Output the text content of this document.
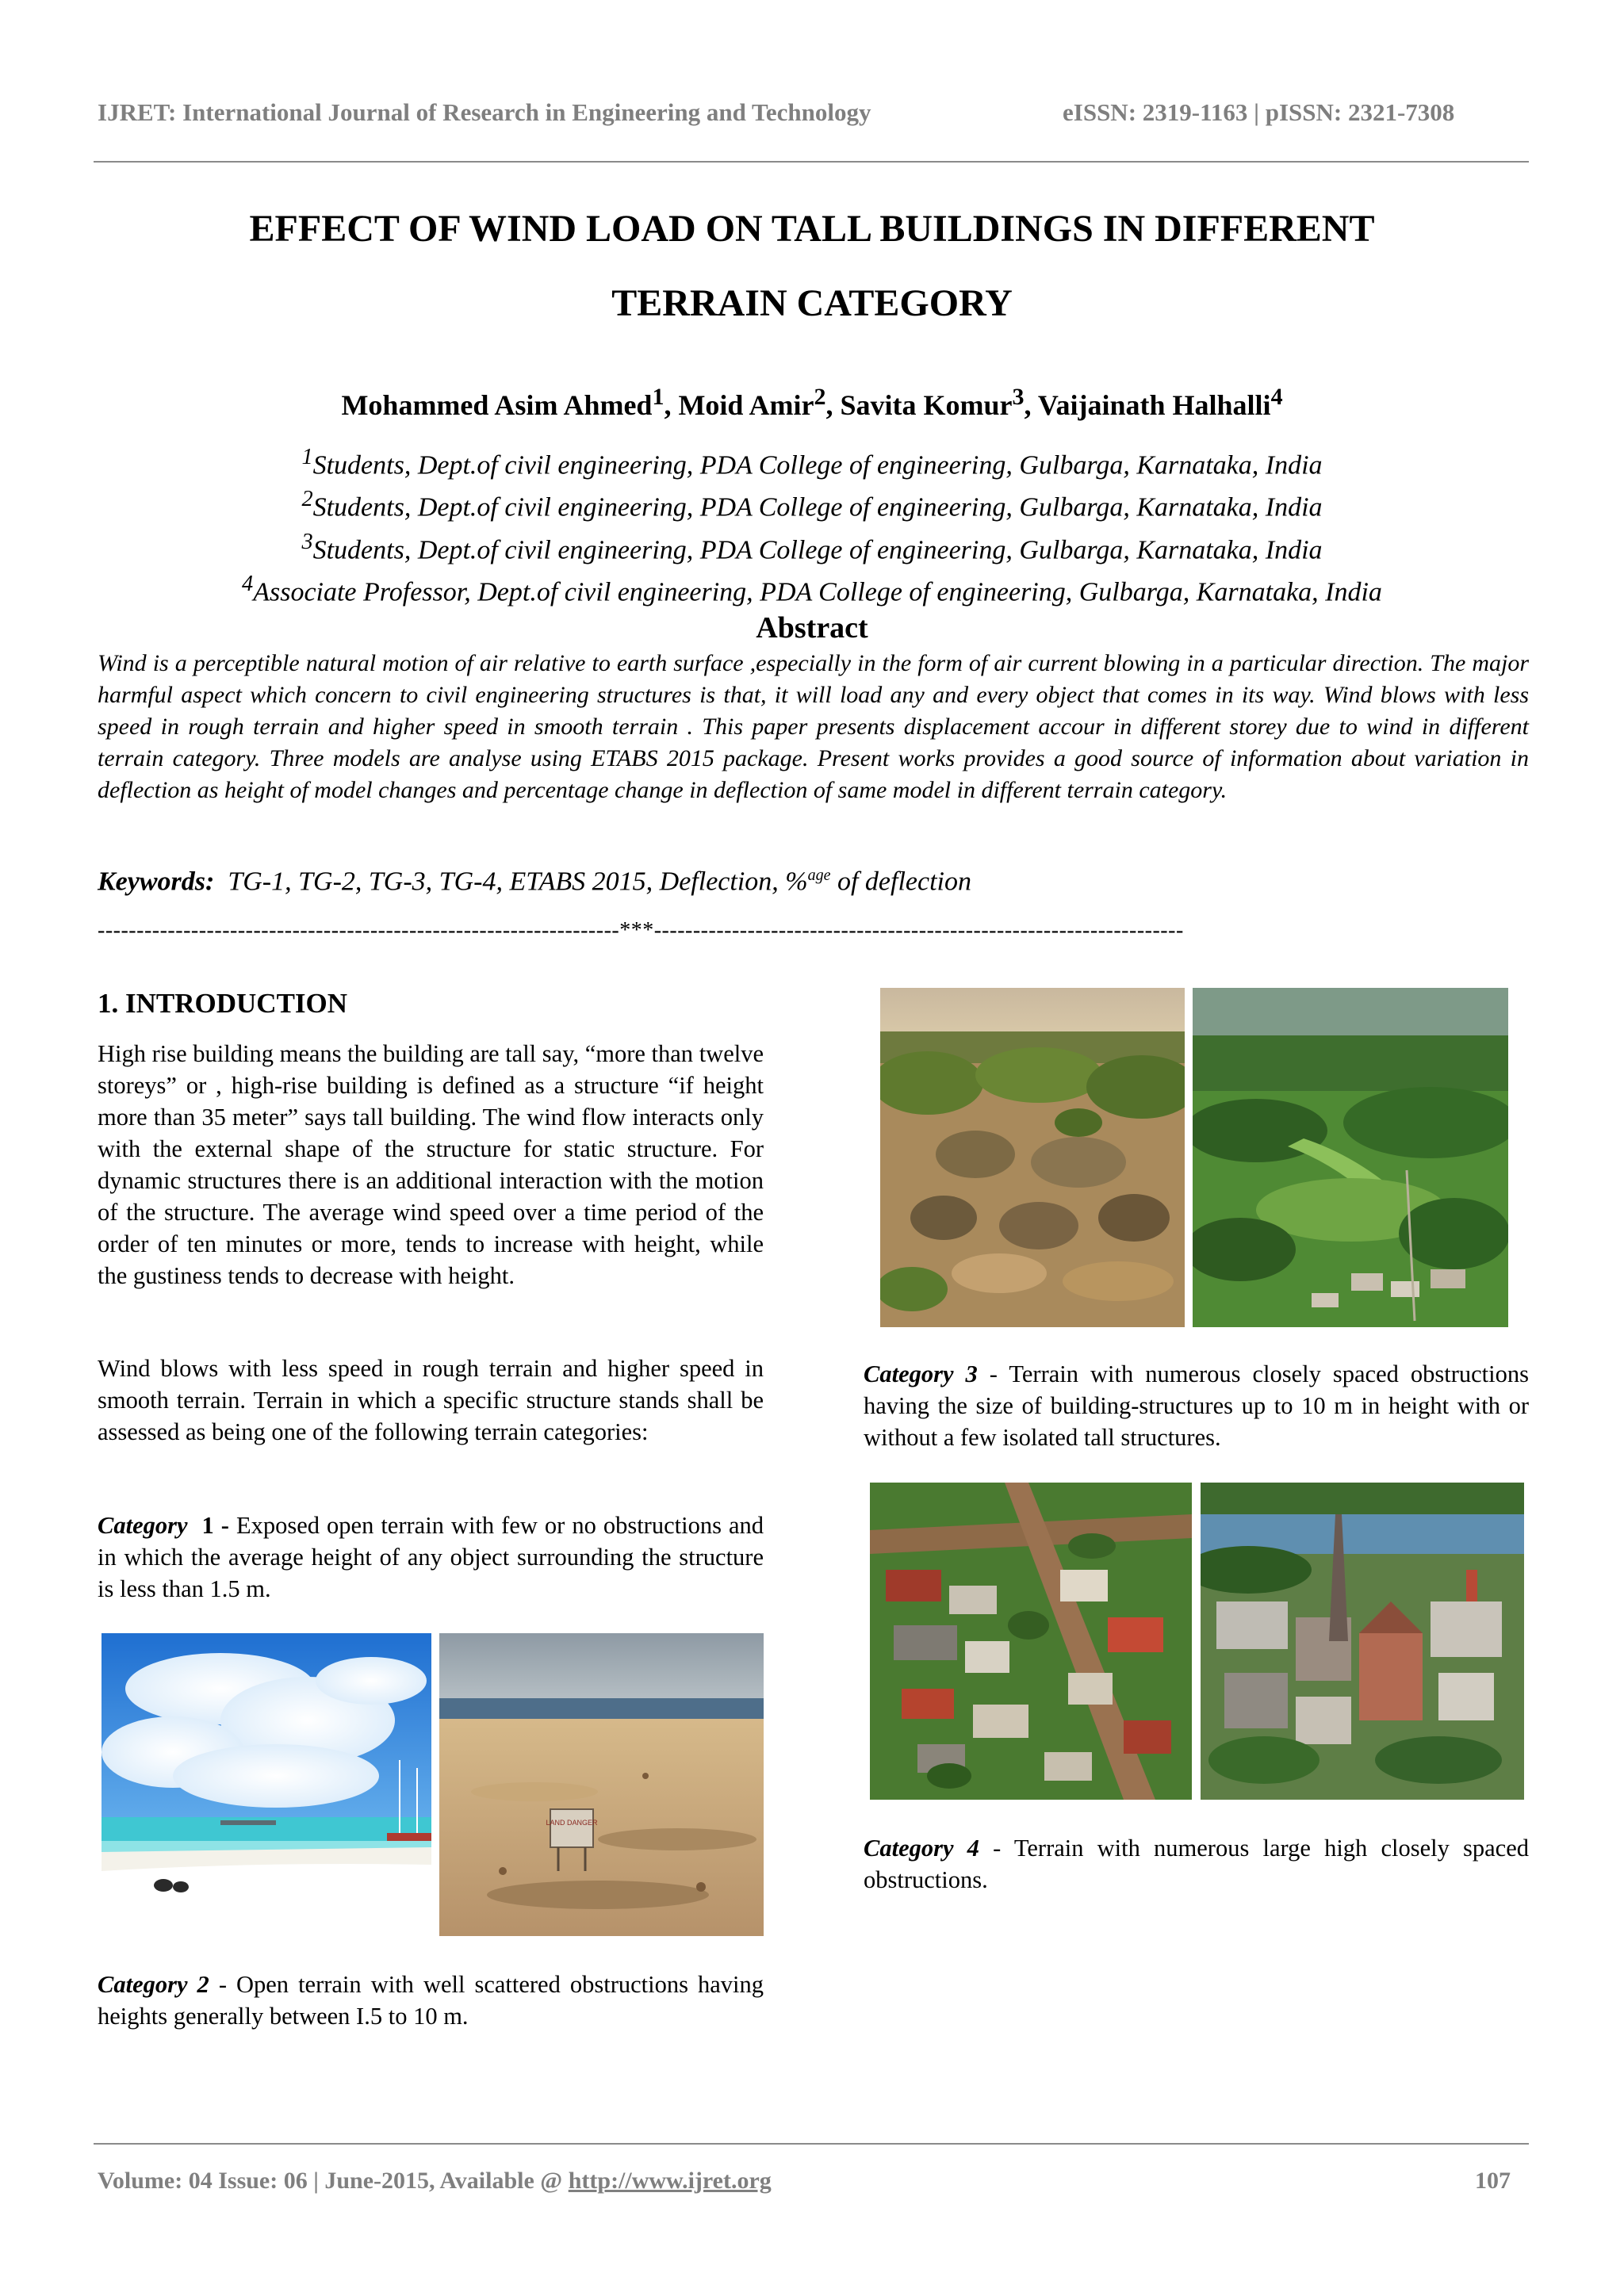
IJRET: International Journal of Research in Engineering and Technology	eISSN: 2319-1163 | pISSN: 2321-7308
EFFECT OF WIND LOAD ON TALL BUILDINGS IN DIFFERENT
TERRAIN CATEGORY
Mohammed Asim Ahmed$^1$, Moid Amir$^2$, Savita Komur$^3$, Vaijainath Halhalli$^4$
$^1$Students, Dept.of civil engineering, PDA College of engineering, Gulbarga, Karnataka, India
$^2$Students, Dept.of civil engineering, PDA College of engineering, Gulbarga, Karnataka, India
$^3$Students, Dept.of civil engineering, PDA College of engineering, Gulbarga, Karnataka, India
$^4$Associate Professor, Dept.of civil engineering, PDA College of engineering, Gulbarga, Karnataka, India
Abstract
Wind is a perceptible natural motion of air relative to earth surface ,especially in the form of air current blowing in a particular direction. The major harmful aspect which concern to civil engineering structures is that, it will load any and every object that comes in its way. Wind blows with less speed in rough terrain and higher speed in smooth terrain . This paper presents displacement accour in different storey due to wind in different terrain category. Three models are analyse using ETABS 2015 package. Present works provides a good source of information about variation in deflection as height of model changes and percentage change in deflection of same model in different terrain category.
Keywords: TG-1, TG-2, TG-3, TG-4, ETABS 2015, Deflection, %$^{age}$ of deflection
-------------------------------------------------------------------***--------------------------------------------------------------------
1. INTRODUCTION
High rise building means the building are tall say, “more than twelve storeys” or , high-rise building is defined as a structure “if height more than 35 meter” says tall building. The wind flow interacts only with the external shape of the structure for static structure. For dynamic structures there is an additional interaction with the motion of the structure. The average wind speed over a time period of the order of ten minutes or more, tends to increase with height, while the gustiness tends to decrease with height.
Wind blows with less speed in rough terrain and higher speed in smooth terrain. Terrain in which a specific structure stands shall be assessed as being one of the following terrain categories:
Category 1 - Exposed open terrain with few or no obstructions and in which the average height of any object surrounding the structure is less than 1.5 m.
LAND DANGER
Category 2 - Open terrain with well scattered obstructions having heights generally between I.5 to 10 m.
Category 3 - Terrain with numerous closely spaced obstructions having the size of building-structures up to 10 m in height with or without a few isolated tall structures.
Category 4 - Terrain with numerous large high closely spaced obstructions.
Volume: 04 Issue: 06 | June-2015, Available @ http://www.ijret.org	107
